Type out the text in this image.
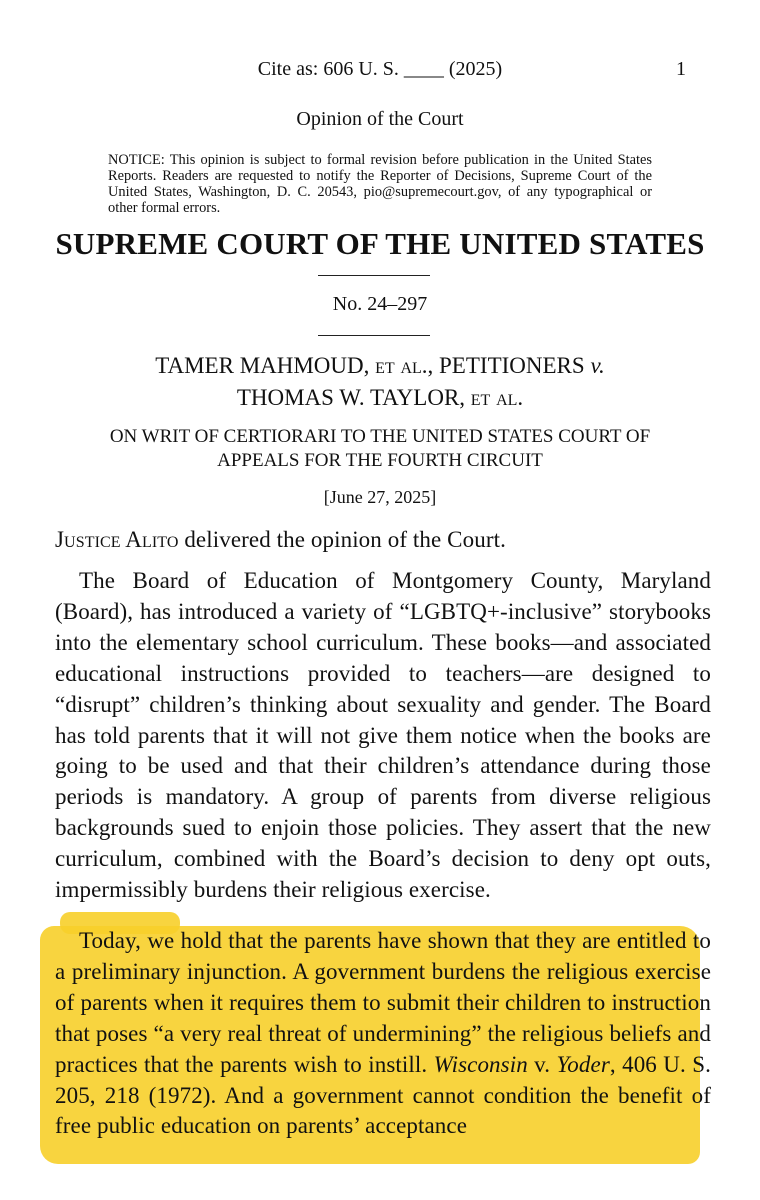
Cite as: 606 U. S. ____ (2025)	1
Opinion of the Court
NOTICE: This opinion is subject to formal revision before publication in the United States Reports. Readers are requested to notify the Reporter of Decisions, Supreme Court of the United States, Washington, D. C. 20543, pio@supremecourt.gov, of any typographical or other formal errors.
SUPREME COURT OF THE UNITED STATES
No. 24–297
TAMER MAHMOUD, et al., PETITIONERS v.
THOMAS W. TAYLOR, et al.
ON WRIT OF CERTIORARI TO THE UNITED STATES COURT OF
APPEALS FOR THE FOURTH CIRCUIT
[June 27, 2025]
Justice Alito delivered the opinion of the Court.
The Board of Education of Montgomery County, Maryland (Board), has introduced a variety of “LGBTQ+-inclusive” storybooks into the elementary school curriculum. These books—and associated educational instructions provided to teachers—are designed to “disrupt” children’s thinking about sexuality and gender. The Board has told parents that it will not give them notice when the books are going to be used and that their children’s attendance during those periods is mandatory. A group of parents from diverse religious backgrounds sued to enjoin those policies. They assert that the new curriculum, combined with the Board’s decision to deny opt outs, impermissibly burdens their religious exercise.
Today, we hold that the parents have shown that they are entitled to a preliminary injunction. A government burdens the religious exercise of parents when it requires them to submit their children to instruction that poses “a very real threat of undermining” the religious beliefs and practices that the parents wish to instill. Wisconsin v. Yoder, 406 U. S. 205, 218 (1972). And a government cannot condition the benefit of free public education on parents’ acceptance
